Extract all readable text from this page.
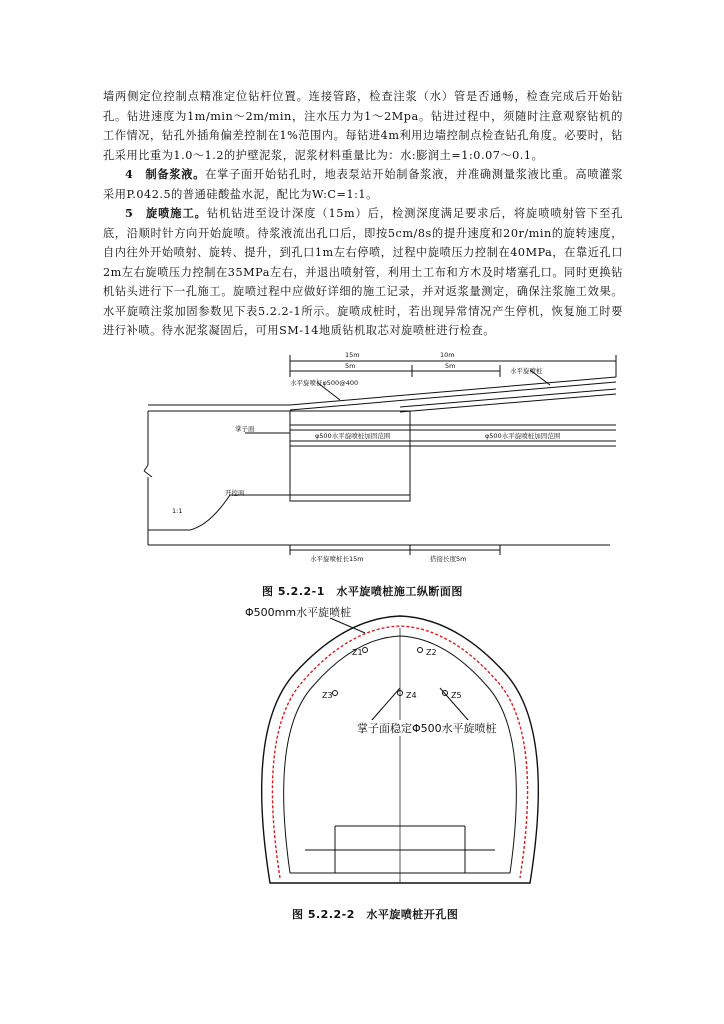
墙两侧定位控制点精准定位钻杆位置。连接管路，检查注浆（水）管是否通畅，检查完成后开始钻孔。钻进速度为1m/min～2m/min，注水压力为1～2Mpa。钻进过程中，须随时注意观察钻机的工作情况，钻孔外插角偏差控制在1%范围内。每钻进4m利用边墙控制点检查钻孔角度。必要时，钻孔采用比重为1.0～1.2的护壁泥浆，泥浆材料重量比为：水:膨润土=1:0.07～0.1。

4　制备浆液。在掌子面开始钻孔时，地表泵站开始制备浆液，并准确测量浆液比重。高喷灌浆采用P.042.5的普通硅酸盐水泥，配比为W:C=1:1。

5　旋喷施工。钻机钻进至设计深度（15m）后，检测深度满足要求后，将旋喷喷射管下至孔底，沿顺时针方向开始旋喷。待浆液流出孔口后，即按5cm/8s的提升速度和20r/min的旋转速度，自内往外开始喷射、旋转、提升，到孔口1m左右停喷，过程中旋喷压力控制在40MPa，在靠近孔口2m左右旋喷压力控制在35MPa左右，并退出喷射管，利用土工布和方木及时堵塞孔口。同时更换钻机钻头进行下一孔施工。旋喷过程中应做好详细的施工记录，并对返浆量测定，确保注浆施工效果。水平旋喷注浆加固参数见下表5.2.2-1所示。旋喷成桩时，若出现异常情况产生停机，恢复施工时要进行补喷。待水泥浆凝固后，可用SM-14地质钻机取芯对旋喷桩进行检查。

10m
15m
5m	5m
水平旋喷桩φ500@400
水平旋喷桩
掌子面
φ500水平旋喷桩加固范围	φ500水平旋喷桩加固范围
开挖面
1:1
水平旋喷桩长15m	搭接长度5m
图 5.2.2-1　水平旋喷桩施工纵断面图
Z1	Z2
Z3	Z4	Z5
Φ500mm水平旋喷桩
掌子面稳定Φ500水平旋喷桩
图 5.2.2-2　水平旋喷桩开孔图
